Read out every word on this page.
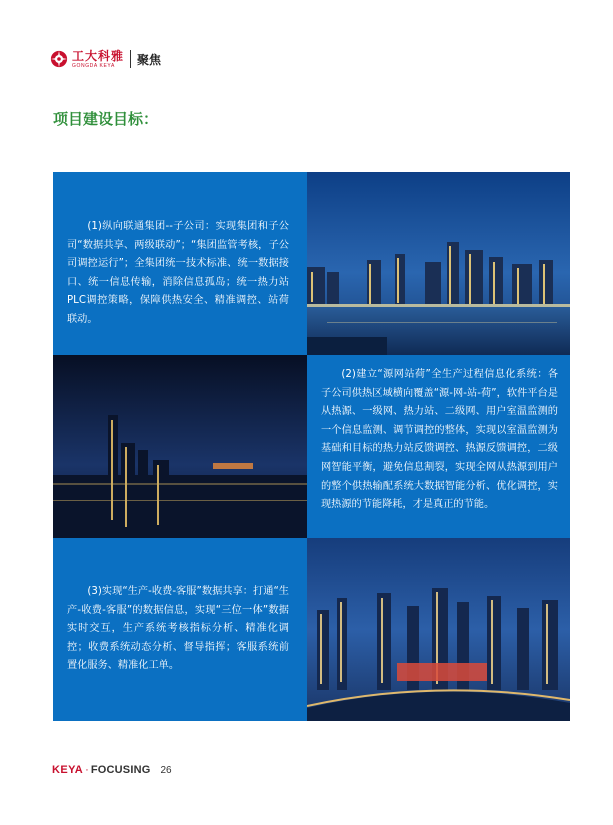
工大科雅
GONGDA KEYA	聚焦
项目建设目标：

(1)纵向联通集团--子公司：实现集团和子公司“数据共享、两级联动”；“集团监管考核，子公司调控运行”；全集团统一技术标准、统一数据接口、统一信息传输，消除信息孤岛；统一热力站PLC调控策略，保障供热安全、精准调控、站荷联动。

(2)建立“源网站荷”全生产过程信息化系统：各子公司供热区域横向覆盖“源-网-站-荷”，软件平台是从热源、一级网、热力站、二级网、用户室温监测的一个信息监测、调节调控的整体，实现以室温监测为基础和目标的热力站反馈调控、热源反馈调控，二级网智能平衡，避免信息割裂，实现全网从热源到用户的整个供热输配系统大数据智能分析、优化调控，实现热源的节能降耗，才是真正的节能。

(3)实现“生产-收费-客服”数据共享：打通“生产-收费-客服”的数据信息，实现“三位一体”数据实时交互，生产系统考核指标分析、精准化调控；收费系统动态分析、督导指挥；客服系统前置化服务、精准化工单。

KEYA · FOCUSING 26
